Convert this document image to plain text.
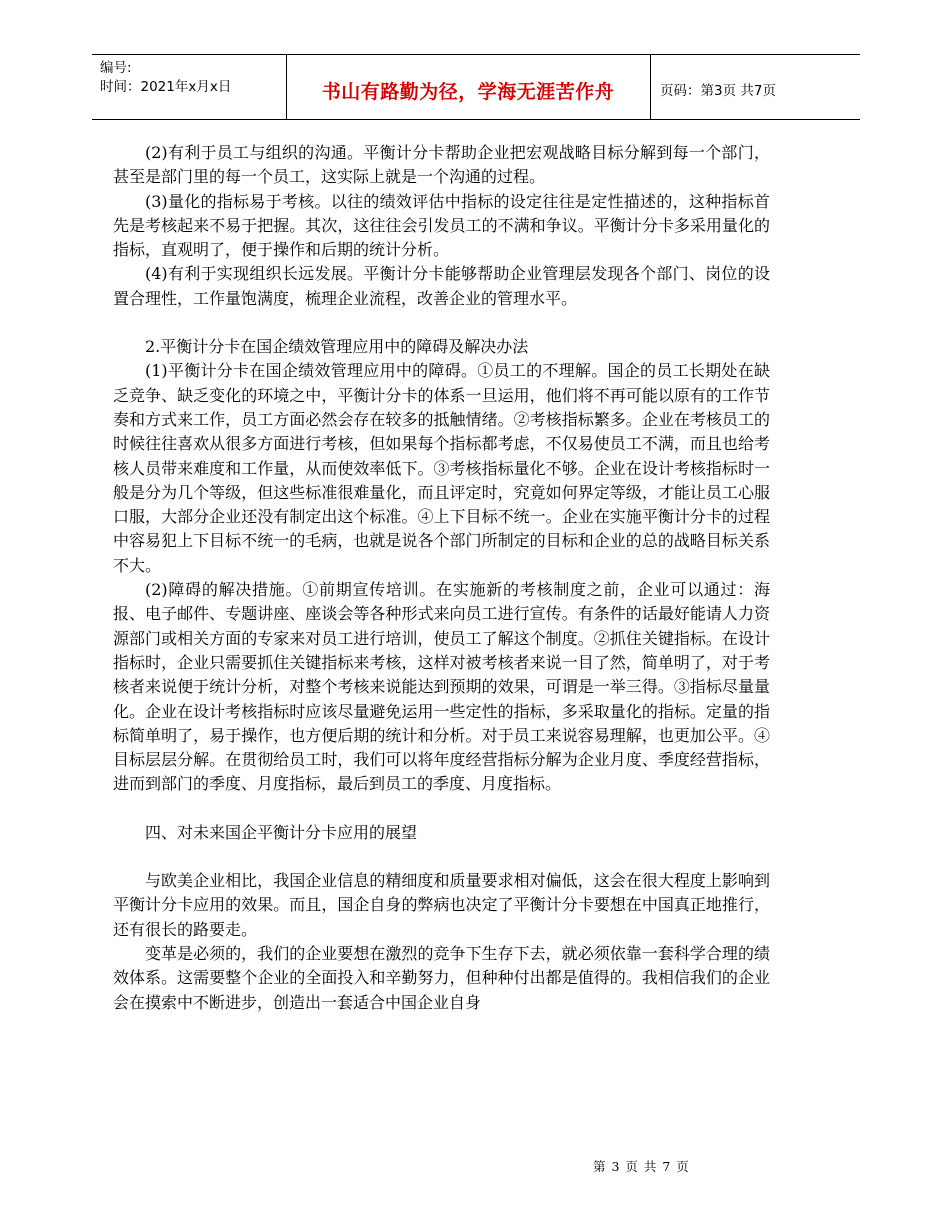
编号:
时间：2021年x月x日	书山有路勤为径，学海无涯苦作舟	页码：第3页 共7页

(2)有利于员工与组织的沟通。平衡计分卡帮助企业把宏观战略目标分解到每一个部门，甚至是部门里的每一个员工，这实际上就是一个沟通的过程。

(3)量化的指标易于考核。以往的绩效评估中指标的设定往往是定性描述的，这种指标首先是考核起来不易于把握。其次，这往往会引发员工的不满和争议。平衡计分卡多采用量化的指标，直观明了，便于操作和后期的统计分析。

(4)有利于实现组织长远发展。平衡计分卡能够帮助企业管理层发现各个部门、岗位的设置合理性，工作量饱满度，梳理企业流程，改善企业的管理水平。

2.平衡计分卡在国企绩效管理应用中的障碍及解决办法

(1)平衡计分卡在国企绩效管理应用中的障碍。①员工的不理解。国企的员工长期处在缺乏竞争、缺乏变化的环境之中，平衡计分卡的体系一旦运用，他们将不再可能以原有的工作节奏和方式来工作，员工方面必然会存在较多的抵触情绪。②考核指标繁多。企业在考核员工的时候往往喜欢从很多方面进行考核，但如果每个指标都考虑，不仅易使员工不满，而且也给考核人员带来难度和工作量，从而使效率低下。③考核指标量化不够。企业在设计考核指标时一般是分为几个等级，但这些标准很难量化，而且评定时，究竟如何界定等级，才能让员工心服口服，大部分企业还没有制定出这个标准。④上下目标不统一。企业在实施平衡计分卡的过程中容易犯上下目标不统一的毛病，也就是说各个部门所制定的目标和企业的总的战略目标关系不大。

(2)障碍的解决措施。①前期宣传培训。在实施新的考核制度之前，企业可以通过：海报、电子邮件、专题讲座、座谈会等各种形式来向员工进行宣传。有条件的话最好能请人力资源部门或相关方面的专家来对员工进行培训，使员工了解这个制度。②抓住关键指标。在设计指标时，企业只需要抓住关键指标来考核，这样对被考核者来说一目了然，简单明了，对于考核者来说便于统计分析，对整个考核来说能达到预期的效果，可谓是一举三得。③指标尽量量化。企业在设计考核指标时应该尽量避免运用一些定性的指标，多采取量化的指标。定量的指标简单明了，易于操作，也方便后期的统计和分析。对于员工来说容易理解，也更加公平。④目标层层分解。在贯彻给员工时，我们可以将年度经营指标分解为企业月度、季度经营指标，进而到部门的季度、月度指标，最后到员工的季度、月度指标。

四、对未来国企平衡计分卡应用的展望

与欧美企业相比，我国企业信息的精细度和质量要求相对偏低，这会在很大程度上影响到平衡计分卡应用的效果。而且，国企自身的弊病也决定了平衡计分卡要想在中国真正地推行，还有很长的路要走。

变革是必须的，我们的企业要想在激烈的竞争下生存下去，就必须依靠一套科学合理的绩效体系。这需要整个企业的全面投入和辛勤努力，但种种付出都是值得的。我相信我们的企业会在摸索中不断进步，创造出一套适合中国企业自身

第 3 页 共 7 页
